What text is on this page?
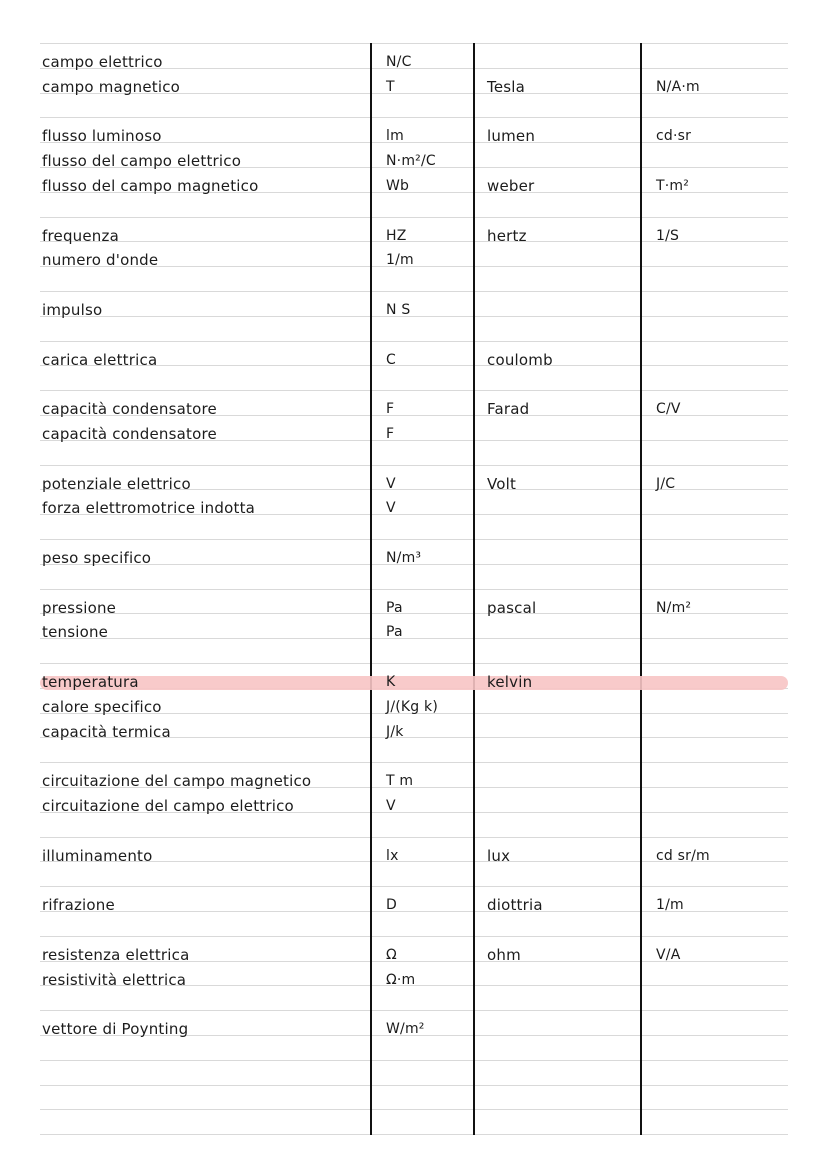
campo elettrico	N/C
campo magnetico	T	Tesla	N/A·m
flusso luminoso	lm	lumen	cd·sr
flusso del campo elettrico	N·m²/C
flusso del campo magnetico	Wb	weber	T·m²
frequenza	HZ	hertz	1/S
numero d'onde	1/m
impulso	N S
carica elettrica	C	coulomb
capacità condensatore	F	Farad	C/V
capacità condensatore	F
potenziale elettrico	V	Volt	J/C
forza elettromotrice indotta	V
peso specifico	N/m³
pressione	Pa	pascal	N/m²
tensione	Pa
temperatura	K	kelvin
calore specifico	J/(Kg k)
capacità termica	J/k
circuitazione del campo magnetico	T m
circuitazione del campo elettrico	V
illuminamento	lx	lux	cd sr/m
rifrazione	D	diottria	1/m
resistenza elettrica	Ω	ohm	V/A
resistività elettrica	Ω·m
vettore di Poynting	W/m²
